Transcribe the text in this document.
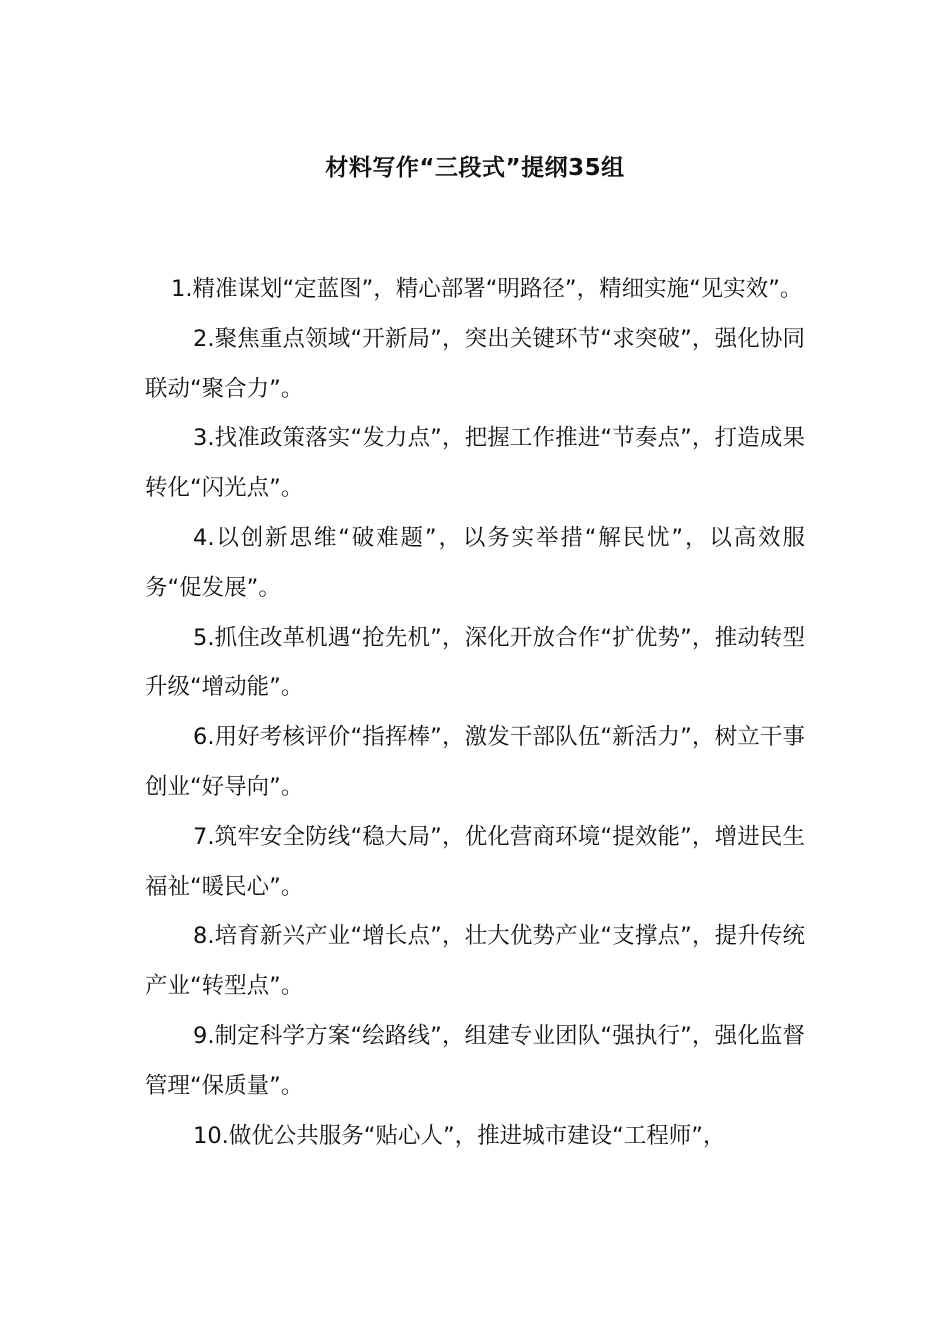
材料写作“三段式”提纲35组

1.精准谋划“定蓝图”，精心部署“明路径”，精细实施“见实效”。

2.聚焦重点领域“开新局”，突出关键环节“求突破”，强化协同联动“聚合力”。

3.找准政策落实“发力点”，把握工作推进“节奏点”，打造成果转化“闪光点”。

4.以创新思维“破难题”，以务实举措“解民忧”，以高效服务“促发展”。

5.抓住改革机遇“抢先机”，深化开放合作“扩优势”，推动转型升级“增动能”。

6.用好考核评价“指挥棒”，激发干部队伍“新活力”，树立干事创业“好导向”。

7.筑牢安全防线“稳大局”，优化营商环境“提效能”，增进民生福祉“暖民心”。

8.培育新兴产业“增长点”，壮大优势产业“支撑点”，提升传统产业“转型点”。

9.制定科学方案“绘路线”，组建专业团队“强执行”，强化监督管理“保质量”。

10.做优公共服务“贴心人”，推进城市建设“工程师”，
